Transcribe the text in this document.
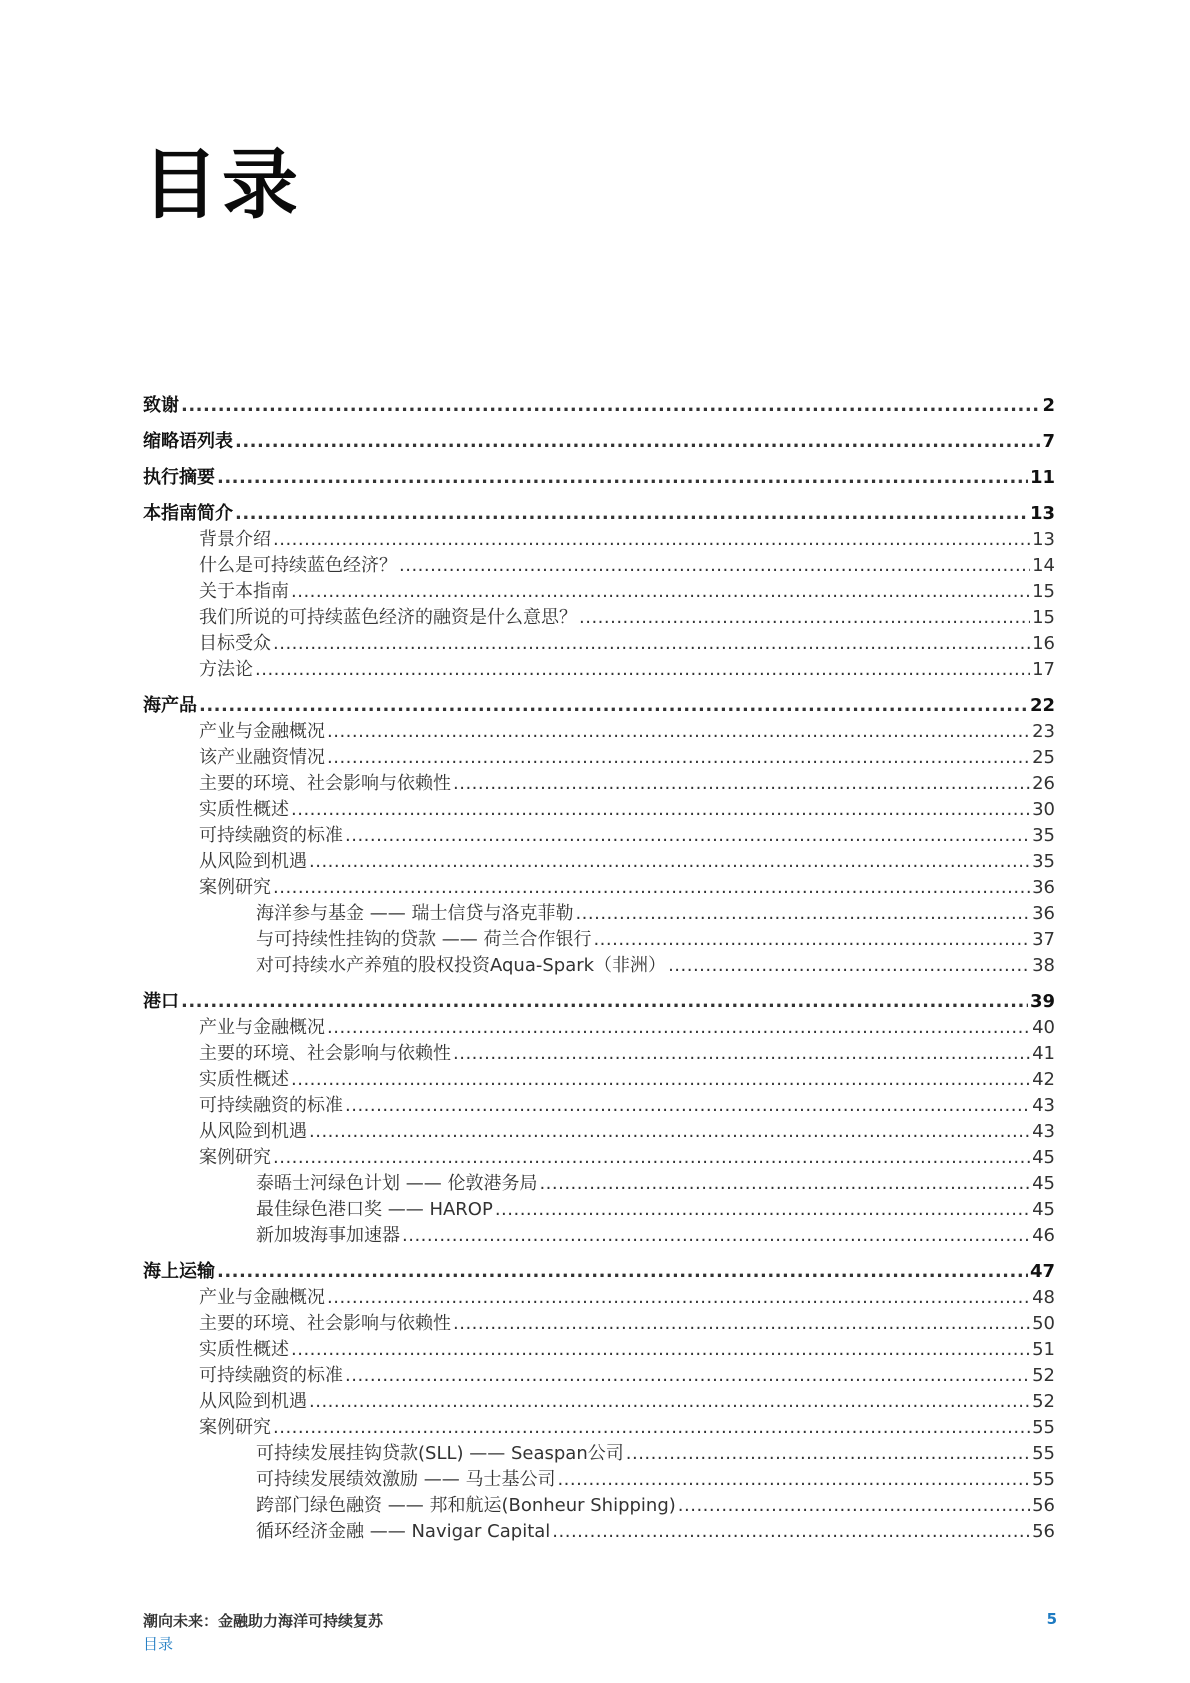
目录
致谢 .....	2
缩略语列表 .....	7
执行摘要 .....	11
本指南简介 .....	13
背景介绍 .....	13
什么是可持续蓝色经济？ .....	14
关于本指南 .....	15
我们所说的可持续蓝色经济的融资是什么意思？ .....	15
目标受众 .....	16
方法论 .....	17
海产品 .....	22
产业与金融概况 .....	23
该产业融资情况 .....	25
主要的环境、社会影响与依赖性 .....	26
实质性概述 .....	30
可持续融资的标准 .....	35
从风险到机遇 .....	35
案例研究 .....	36
海洋参与基金 —— 瑞士信贷与洛克菲勒 .....	36
与可持续性挂钩的贷款 —— 荷兰合作银行 .....	37
对可持续水产养殖的股权投资Aqua-Spark（非洲） .....	38
港口 .....	39
产业与金融概况 .....	40
主要的环境、社会影响与依赖性 .....	41
实质性概述 .....	42
可持续融资的标准 .....	43
从风险到机遇 .....	43
案例研究 .....	45
泰晤士河绿色计划 —— 伦敦港务局 .....	45
最佳绿色港口奖 —— HAROP .....	45
新加坡海事加速器 .....	46
海上运输 .....	47
产业与金融概况 .....	48
主要的环境、社会影响与依赖性 .....	50
实质性概述 .....	51
可持续融资的标准 .....	52
从风险到机遇 .....	52
案例研究 .....	55
可持续发展挂钩贷款(SLL) —— Seaspan公司 .....	55
可持续发展绩效激励 —— 马士基公司 .....	55
跨部门绿色融资 —— 邦和航运(Bonheur Shipping) .....	56
循环经济金融 —— Navigar Capital .....	56
潮向未来：金融助力海洋可持续复苏
目录
5
